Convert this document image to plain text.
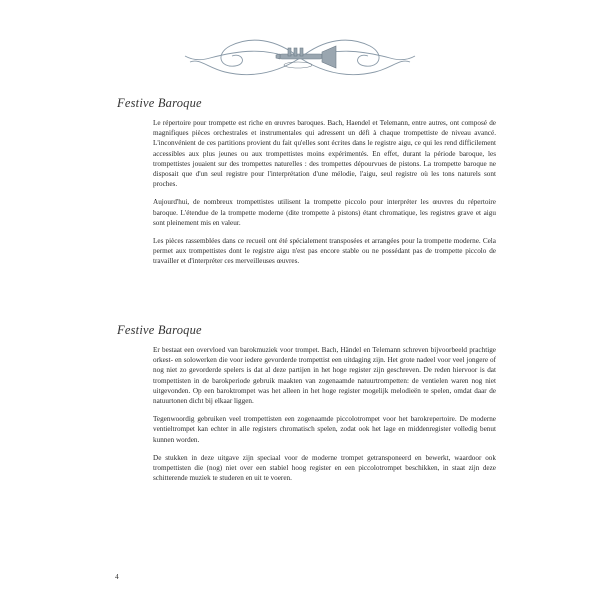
Festive Baroque

Le répertoire pour trompette est riche en œuvres baroques. Bach, Haendel et Telemann, entre autres, ont composé de magnifiques pièces orchestrales et instrumentales qui adressent un défi à chaque trompettiste de niveau avancé. L'inconvénient de ces partitions provient du fait qu'elles sont écrites dans le registre aigu, ce qui les rend difficilement accessibles aux plus jeunes ou aux trompettistes moins expérimentés. En effet, durant la période baroque, les trompettistes jouaient sur des trompettes naturelles : des trompettes dépourvues de pistons. La trompette baroque ne disposait que d'un seul registre pour l'interprétation d'une mélodie, l'aigu, seul registre où les tons naturels sont proches.

Aujourd'hui, de nombreux trompettistes utilisent la trompette piccolo pour interpréter les œuvres du répertoire baroque. L'étendue de la trompette moderne (dite trompette à pistons) étant chromatique, les registres grave et aigu sont pleinement mis en valeur.

Les pièces rassemblées dans ce recueil ont été spécialement transposées et arrangées pour la trompette moderne. Cela permet aux trompettistes dont le registre aigu n'est pas encore stable ou ne possédant pas de trompette piccolo de travailler et d'interpréter ces merveilleuses œuvres.

Festive Baroque

Er bestaat een overvloed van barokmuziek voor trompet. Bach, Händel en Telemann schreven bijvoorbeeld prachtige orkest- en solowerken die voor iedere gevorderde trompettist een uitdaging zijn. Het grote nadeel voor veel jongere of nog niet zo gevorderde spelers is dat al deze partijen in het hoge register zijn geschreven. De reden hiervoor is dat trompettisten in de barokperiode gebruik maakten van zogenaamde natuurtrompetten: de ventielen waren nog niet uitgevonden. Op een baroktrompet was het alleen in het hoge register mogelijk melodieën te spelen, omdat daar de natuurtonen dicht bij elkaar liggen.

Tegenwoordig gebruiken veel trompettisten een zogenaamde piccolotrompet voor het barokrepertoire. De moderne ventieltrompet kan echter in alle registers chromatisch spelen, zodat ook het lage en middenregister volledig benut kunnen worden.

De stukken in deze uitgave zijn speciaal voor de moderne trompet getransponeerd en bewerkt, waardoor ook trompettisten die (nog) niet over een stabiel hoog register en een piccolotrompet beschikken, in staat zijn deze schitterende muziek te studeren en uit te voeren.

4
